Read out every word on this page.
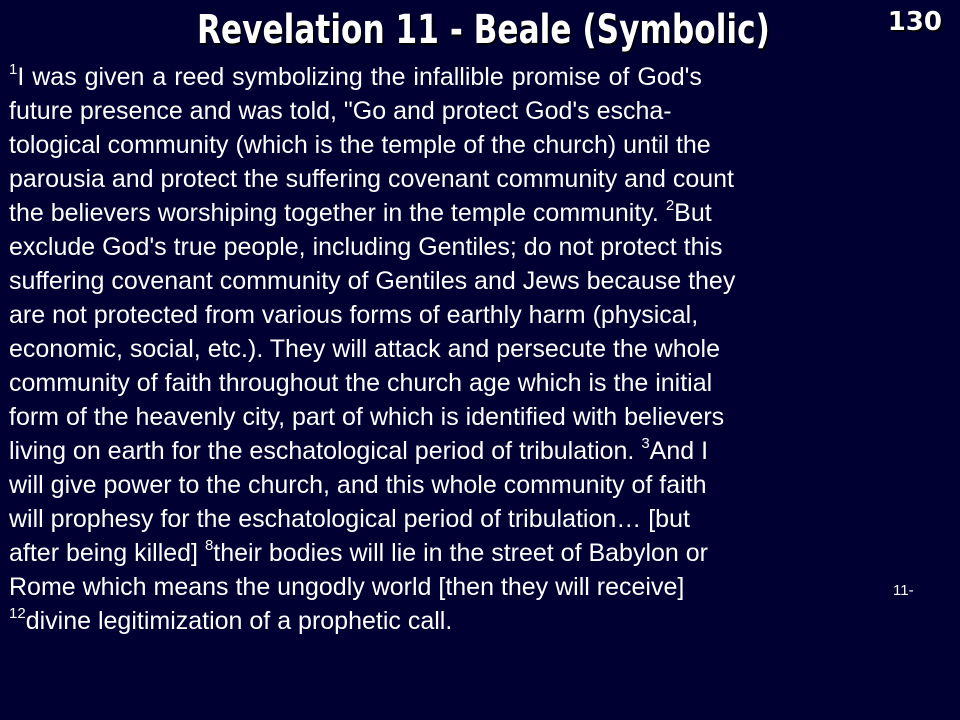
Revelation 11 - Beale (Symbolic)	130
$^1$I was given a reed symbolizing the infallible promise of God's
future presence and was told, "Go and protect God's escha-
tological community (which is the temple of the church) until the
parousia and protect the suffering covenant community and count
the believers worshiping together in the temple community. $^2$But
exclude God's true people, including Gentiles; do not protect this
suffering covenant community of Gentiles and Jews because they
are not protected from various forms of earthly harm (physical,
economic, social, etc.). They will attack and persecute the whole
community of faith throughout the church age which is the initial
form of the heavenly city, part of which is identified with believers
living on earth for the eschatological period of tribulation. $^3$And I
will give power to the church, and this whole community of faith
will prophesy for the eschatological period of tribulation… [but
after being killed] $^8$their bodies will lie in the street of Babylon or
Rome which means the ungodly world [then they will receive]	11-
$^{12}$divine legitimization of a prophetic call.
